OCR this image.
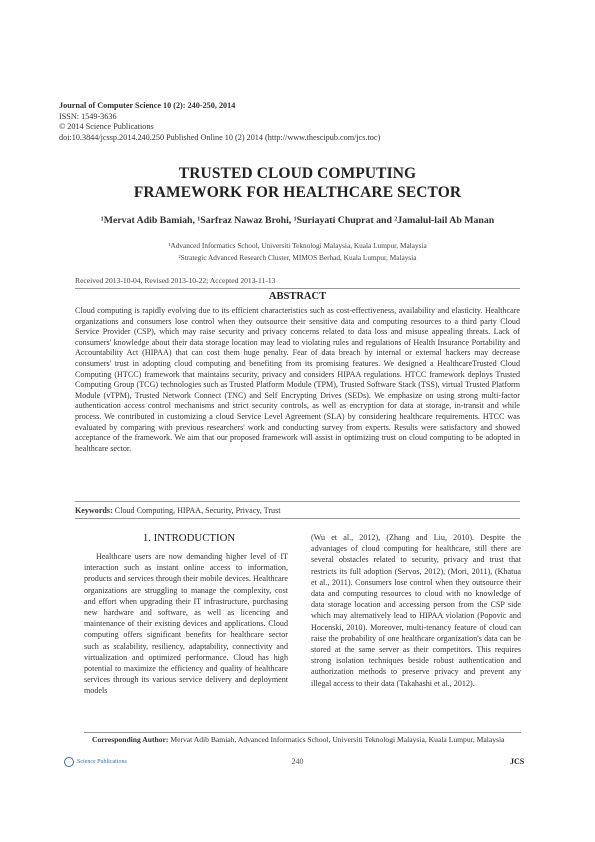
Journal of Computer Science 10 (2): 240-250, 2014
ISSN: 1549-3636
© 2014 Science Publications
doi:10.3844/jcssp.2014.240.250 Published Online 10 (2) 2014 (http://www.thescipub.com/jcs.toc)
TRUSTED CLOUD COMPUTING
FRAMEWORK FOR HEALTHCARE SECTOR
¹Mervat Adib Bamiah, ¹Sarfraz Nawaz Brohi, ¹Suriayati Chuprat and ²Jamalul-lail Ab Manan
¹Advanced Informatics School, Universiti Teknologi Malaysia, Kuala Lumpur, Malaysia
²Strategic Advanced Research Cluster, MIMOS Berhad, Kuala Lumpur, Malaysia
Received 2013-10-04, Revised 2013-10-22; Accepted 2013-11-13
ABSTRACT
Cloud computing is rapidly evolving due to its efficient characteristics such as cost-effectiveness, availability and elasticity. Healthcare organizations and consumers lose control when they outsource their sensitive data and computing resources to a third party Cloud Service Provider (CSP), which may raise security and privacy concerns related to data loss and misuse appealing threats. Lack of consumers' knowledge about their data storage location may lead to violating rules and regulations of Health Insurance Portability and Accountability Act (HIPAA) that can cost them huge penalty. Fear of data breach by internal or external hackers may decrease consumers' trust in adopting cloud computing and benefiting from its promising features. We designed a HealthcareTrusted Cloud Computing (HTCC) framework that maintains security, privacy and considers HIPAA regulations. HTCC framework deploys Trusted Computing Group (TCG) technologies such as Trusted Platform Module (TPM), Trusted Software Stack (TSS), virtual Trusted Platform Module (vTPM), Trusted Network Connect (TNC) and Self Encrypting Drives (SEDs). We emphasize on using strong multi-factor authentication access control mechanisms and strict security controls, as well as encryption for data at storage, in-transit and while process. We contributed in customizing a cloud Service Level Agreement (SLA) by considering healthcare requirements. HTCC was evaluated by comparing with previous researchers' work and conducting survey from experts. Results were satisfactory and showed acceptance of the framework. We aim that our proposed framework will assist in optimizing trust on cloud computing to be adopted in healthcare sector.
Keywords: Cloud Computing, HIPAA, Security, Privacy, Trust
1. INTRODUCTION
Healthcare users are now demanding higher level of IT interaction such as instant online access to information, products and services through their mobile devices. Healthcare organizations are struggling to manage the complexity, cost and effort when upgrading their IT infrastructure, purchasing new hardware and software, as well as licencing and maintenance of their existing devices and applications. Cloud computing offers significant benefits for healthcare sector such as scalability, resiliency, adaptability, connectivity and virtualization and optimized performance. Cloud has high potential to maximize the efficiency and quality of healthcare services through its various service delivery and deployment models
(Wu et al., 2012), (Zhang and Liu, 2010). Despite the advantages of cloud computing for healthcare, still there are several obstacles related to security, privacy and trust that restricts its full adoption (Servos, 2012), (Mori, 2011), (Khatua et al., 2011). Consumers lose control when they outsource their data and computing resources to cloud with no knowledge of data storage location and accessing person from the CSP side which may alternatively lead to HIPAA violation (Popovic and Hocenski, 2010). Moreover, multi-tenancy feature of cloud can raise the probability of one healthcare organization's data can be stored at the same server as their competitors. This requires strong isolation techniques beside robust authentication and authorization methods to preserve privacy and prevent any illegal access to their data (Takahashi et al., 2012).
Corresponding Author: Mervat Adib Bamiah, Advanced Informatics School, Universiti Teknologi Malaysia, Kuala Lumpur, Malaysia
Science Publications	240	JCS
